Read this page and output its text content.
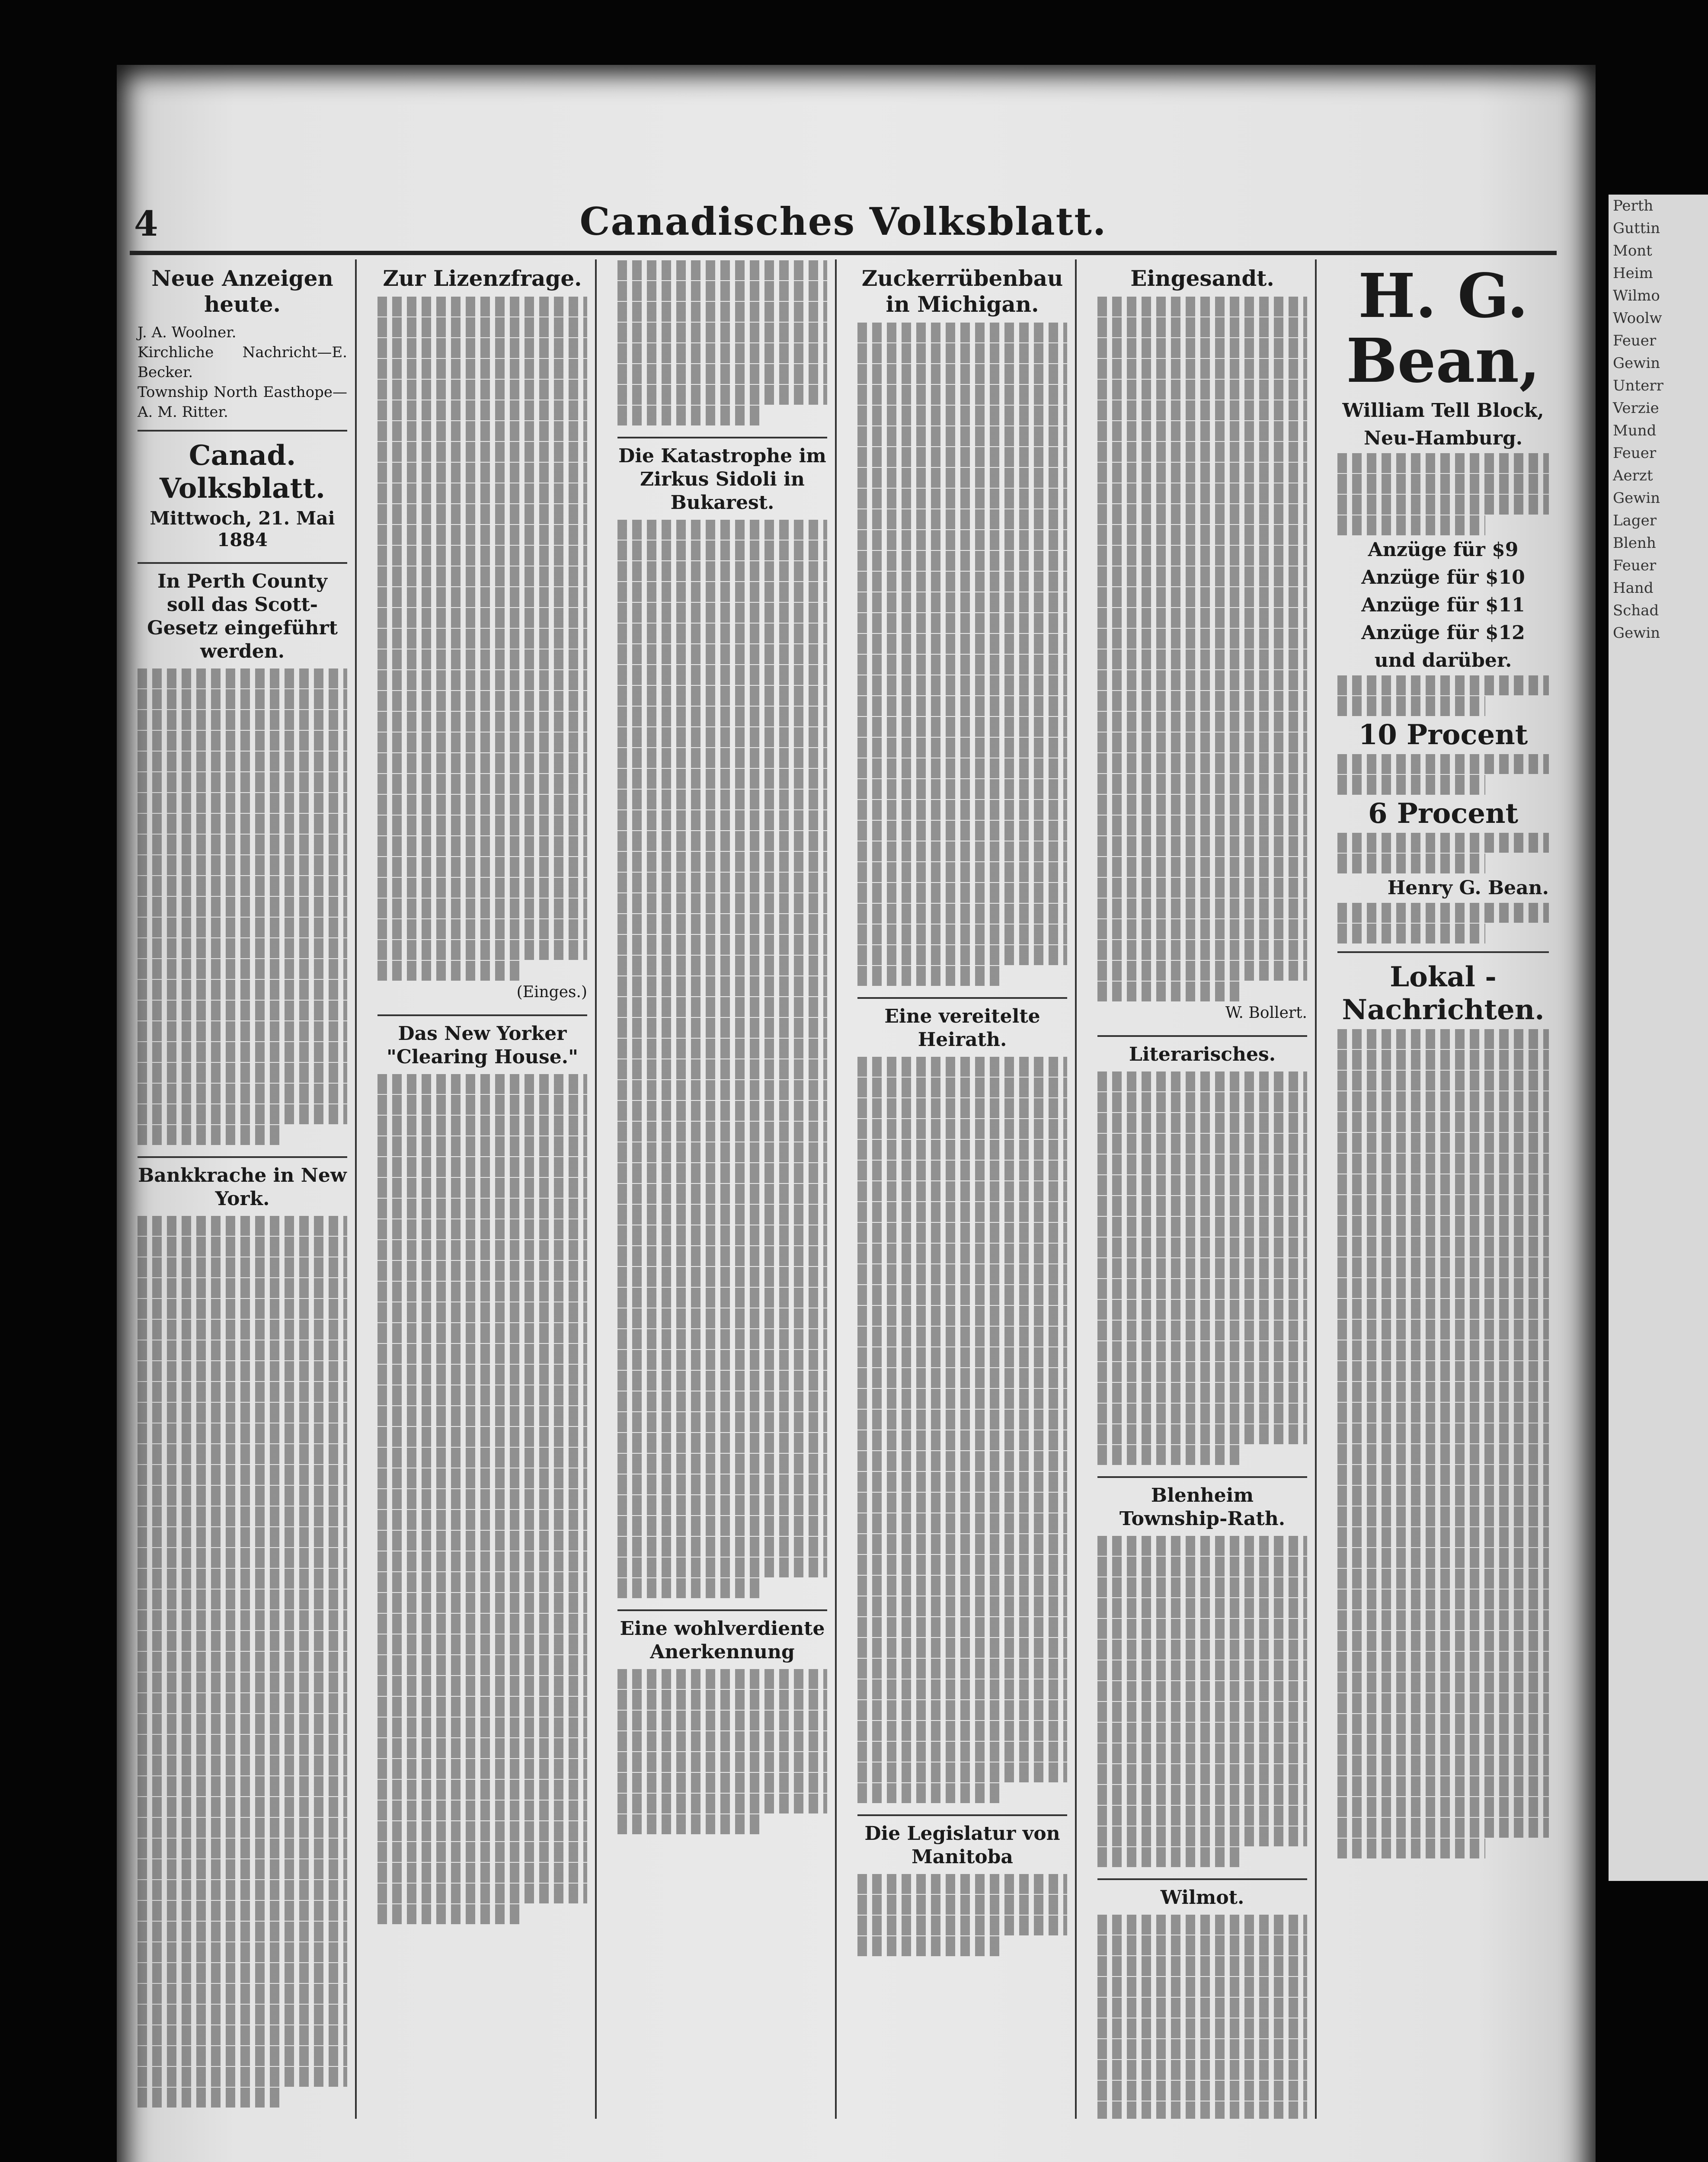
Perth
Guttin
Mont
Heim
Wilmo
Woolw
Feuer
Gewin
Unterr
Verzie
Mund
Feuer
Aerzt
Gewin
Lager
Blenh
Feuer
Hand
Schad
Gewin
4	Canadisches Volksblatt.
Neue Anzeigen heute.

J. A. Woolner.

Kirchliche Nachricht—E. Becker.

Township North Easthope—A. M. Ritter.

Canad. Volksblatt.

Mittwoch, 21. Mai 1884

In Perth County soll das Scott-Gesetz eingeführt werden.
Bankkrache in New York.
Zur Lizenzfrage.

(Einges.)

Das New Yorker "Clearing House."
Die Katastrophe im Zirkus Sidoli in Bukarest.
Eine wohlverdiente Anerkennung
Zuckerrübenbau in Michigan.
Eine vereitelte Heirath.
Die Legislatur von Manitoba
Eingesandt.

W. Bollert.

Literarisches.
Blenheim Township-Rath.
Wilmot.
H. G. Bean,
William Tell Block,
Neu-Hamburg.
Anzüge für $9
Anzüge für $10
Anzüge für $11
Anzüge für $12
und darüber.
10 Procent
6 Procent
Henry G. Bean.
Lokal - Nachrichten.
